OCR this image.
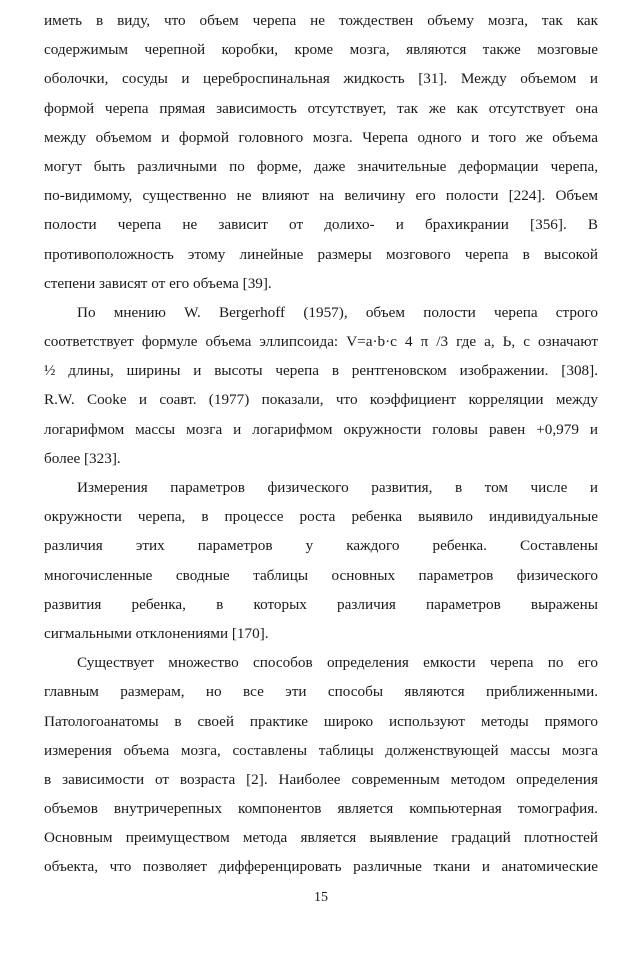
иметь в виду, что объем черепа не тождествен объему мозга, так как
содержимым черепной коробки, кроме мозга, являются также мозговые
оболочки, сосуды и цереброспинальная жидкость [31]. Между объемом и
формой черепа прямая зависимость отсутствует, так же как отсутствует она
между объемом и формой головного мозга. Черепа одного и того же объема
могут быть различными по форме, даже значительные деформации черепа,
по-видимому, существенно не влияют на величину его полости [224]. Объем
полости черепа не зависит от долихо- и брахикрании [356]. В
противоположность этому линейные размеры мозгового черепа в высокой
степени зависят от его объема [39].
По мнению W. Bergerhoff (1957), объем полости черепа строго
соответствует формуле объема эллипсоида: V=a·b·c 4 π /3 где a, Ь, c означают
½ длины, ширины и высоты черепа в рентгеновском изображении. [308].
R.W. Cooke и соавт. (1977) показали, что коэффициент корреляции между
логарифмом массы мозга и логарифмом окружности головы равен +0,979 и
более [323].
Измерения параметров физического развития, в том числе и
окружности черепа, в процессе роста ребенка выявило индивидуальные
различия этих параметров у каждого ребенка. Составлены
многочисленные сводные таблицы основных параметров физического
развития ребенка, в которых различия параметров выражены
сигмальными отклонениями [170].
Существует множество способов определения емкости черепа по его
главным размерам, но все эти способы являются приближенными.
Патологоанатомы в своей практике широко используют методы прямого
измерения объема мозга, составлены таблицы долженствующей массы мозга
в зависимости от возраста [2]. Наиболее современным методом определения
объемов внутричерепных компонентов является компьютерная томография.
Основным преимуществом метода является выявление градаций плотностей
объекта, что позволяет дифференцировать различные ткани и анатомические
15
